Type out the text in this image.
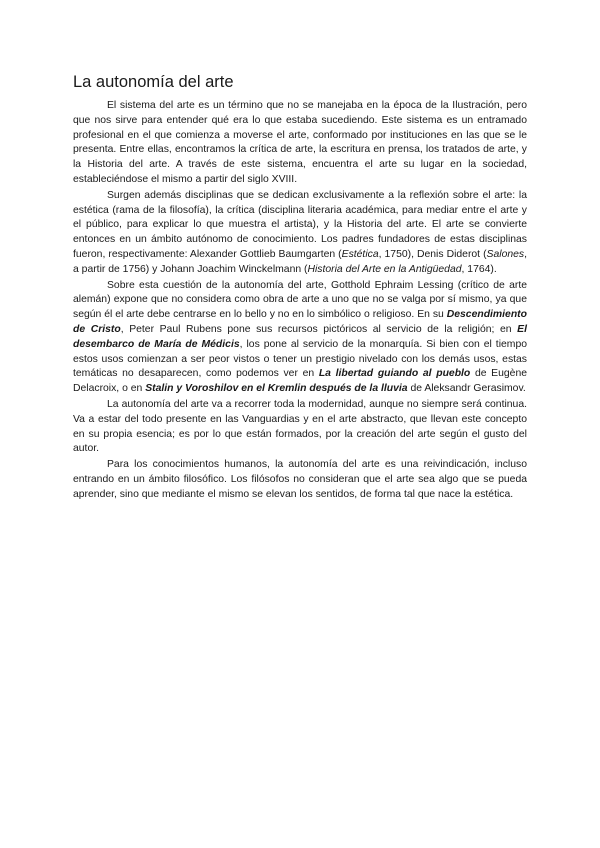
La autonomía del arte

El sistema del arte es un término que no se manejaba en la época de la Ilustración, pero que nos sirve para entender qué era lo que estaba sucediendo. Este sistema es un entramado profesional en el que comienza a moverse el arte, conformado por instituciones en las que se le presenta. Entre ellas, encontramos la crítica de arte, la escritura en prensa, los tratados de arte, y la Historia del arte. A través de este sistema, encuentra el arte su lugar en la sociedad, estableciéndose el mismo a partir del siglo XVIII.

Surgen además disciplinas que se dedican exclusivamente a la reflexión sobre el arte: la estética (rama de la filosofía), la crítica (disciplina literaria académica, para mediar entre el arte y el público, para explicar lo que muestra el artista), y la Historia del arte. El arte se convierte entonces en un ámbito autónomo de conocimiento. Los padres fundadores de estas disciplinas fueron, respectivamente: Alexander Gottlieb Baumgarten (Estética, 1750), Denis Diderot (Salones, a partir de 1756) y Johann Joachim Winckelmann (Historia del Arte en la Antigüedad, 1764).

Sobre esta cuestión de la autonomía del arte, Gotthold Ephraim Lessing (crítico de arte alemán) expone que no considera como obra de arte a uno que no se valga por sí mismo, ya que según él el arte debe centrarse en lo bello y no en lo simbólico o religioso. En su Descendimiento de Cristo, Peter Paul Rubens pone sus recursos pictóricos al servicio de la religión; en El desembarco de María de Médicis, los pone al servicio de la monarquía. Si bien con el tiempo estos usos comienzan a ser peor vistos o tener un prestigio nivelado con los demás usos, estas temáticas no desaparecen, como podemos ver en La libertad guiando al pueblo de Eugène Delacroix, o en Stalin y Voroshilov en el Kremlin después de la lluvia de Aleksandr Gerasimov.

La autonomía del arte va a recorrer toda la modernidad, aunque no siempre será continua. Va a estar del todo presente en las Vanguardias y en el arte abstracto, que llevan este concepto en su propia esencia; es por lo que están formados, por la creación del arte según el gusto del autor.

Para los conocimientos humanos, la autonomía del arte es una reivindicación, incluso entrando en un ámbito filosófico. Los filósofos no consideran que el arte sea algo que se pueda aprender, sino que mediante el mismo se elevan los sentidos, de forma tal que nace la estética.
